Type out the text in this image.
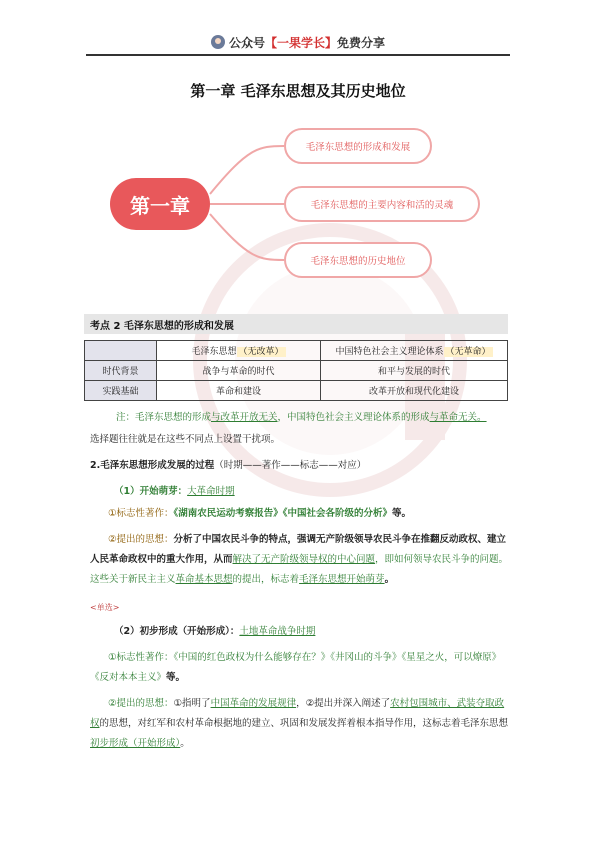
公众号【一果学长】免费分享
第一章 毛泽东思想及其历史地位
第一章
毛泽东思想的形成和发展
毛泽东思想的主要内容和活的灵魂
毛泽东思想的历史地位
考点 2 毛泽东思想的形成和发展
	毛泽东思想 （无改革）	中国特色社会主义理论体系 （无革命）
时代背景	战争与革命的时代	和平与发展的时代
实践基础	革命和建设	改革开放和现代化建设
注：毛泽东思想的形成与改革开放无关，中国特色社会主义理论体系的形成与革命无关。
选择题往往就是在这些不同点上设置干扰项。
2.毛泽东思想形成发展的过程（时期——著作——标志——对应）
（1）开始萌芽：大革命时期
①标志性著作：《湖南农民运动考察报告》《中国社会各阶级的分析》等。
②提出的思想：分析了中国农民斗争的特点，强调无产阶级领导农民斗争在推翻反动政权、建立人民革命政权中的重大作用，从而解决了无产阶级领导权的中心问题，即如何领导农民斗争的问题。这些关于新民主主义革命基本思想的提出，标志着毛泽东思想开始萌芽。
<单选>
（2）初步形成（开始形成）：土地革命战争时期
①标志性著作：《中国的红色政权为什么能够存在？》《井冈山的斗争》《星星之火，可以燎原》《反对本本主义》等。
②提出的思想：①指明了中国革命的发展规律，②提出并深入阐述了农村包围城市、武装夺取政权的思想，对红军和农村革命根据地的建立、巩固和发展发挥着根本指导作用，这标志着毛泽东思想初步形成（开始形成）。
